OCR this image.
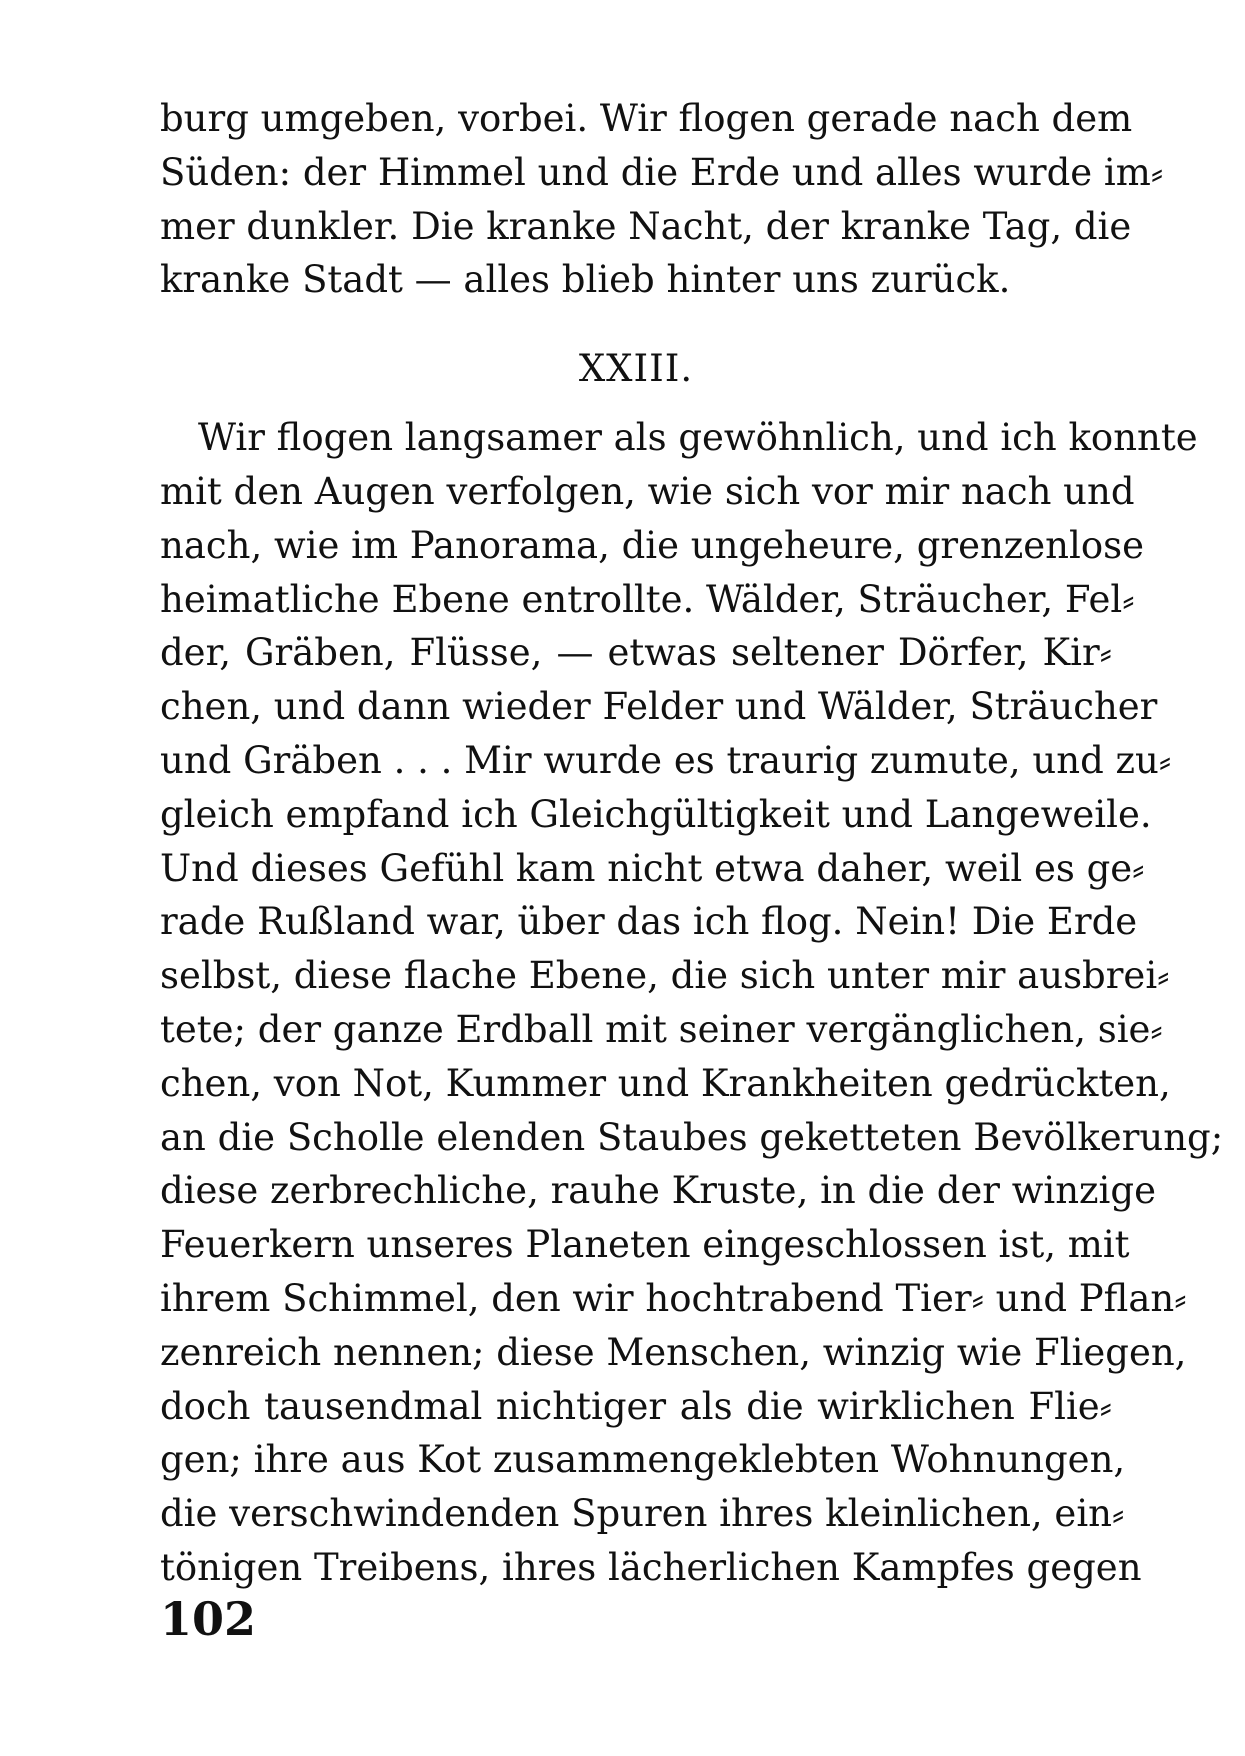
burg umgeben, vorbei. Wir flogen gerade nach dem
Süden: der Himmel und die Erde und alles wurde im⸗
mer dunkler. Die kranke Nacht, der kranke Tag, die
kranke Stadt — alles blieb hinter uns zurück.
XXIII.
Wir flogen langsamer als gewöhnlich, und ich konnte
mit den Augen verfolgen, wie sich vor mir nach und
nach, wie im Panorama, die ungeheure, grenzenlose
heimatliche Ebene entrollte. Wälder, Sträucher, Fel⸗
der, Gräben, Flüsse, — etwas seltener Dörfer, Kir⸗
chen, und dann wieder Felder und Wälder, Sträucher
und Gräben . . . Mir wurde es traurig zumute, und zu⸗
gleich empfand ich Gleichgültigkeit und Langeweile.
Und dieses Gefühl kam nicht etwa daher, weil es ge⸗
rade Rußland war, über das ich flog. Nein! Die Erde
selbst, diese flache Ebene, die sich unter mir ausbrei⸗
tete; der ganze Erdball mit seiner vergänglichen, sie⸗
chen, von Not, Kummer und Krankheiten gedrückten,
an die Scholle elenden Staubes geketteten Bevölkerung;
diese zerbrechliche, rauhe Kruste, in die der winzige
Feuerkern unseres Planeten eingeschlossen ist, mit
ihrem Schimmel, den wir hochtrabend Tier⸗ und Pflan⸗
zenreich nennen; diese Menschen, winzig wie Fliegen,
doch tausendmal nichtiger als die wirklichen Flie⸗
gen; ihre aus Kot zusammengeklebten Wohnungen,
die verschwindenden Spuren ihres kleinlichen, ein⸗
tönigen Treibens, ihres lächerlichen Kampfes gegen
102
